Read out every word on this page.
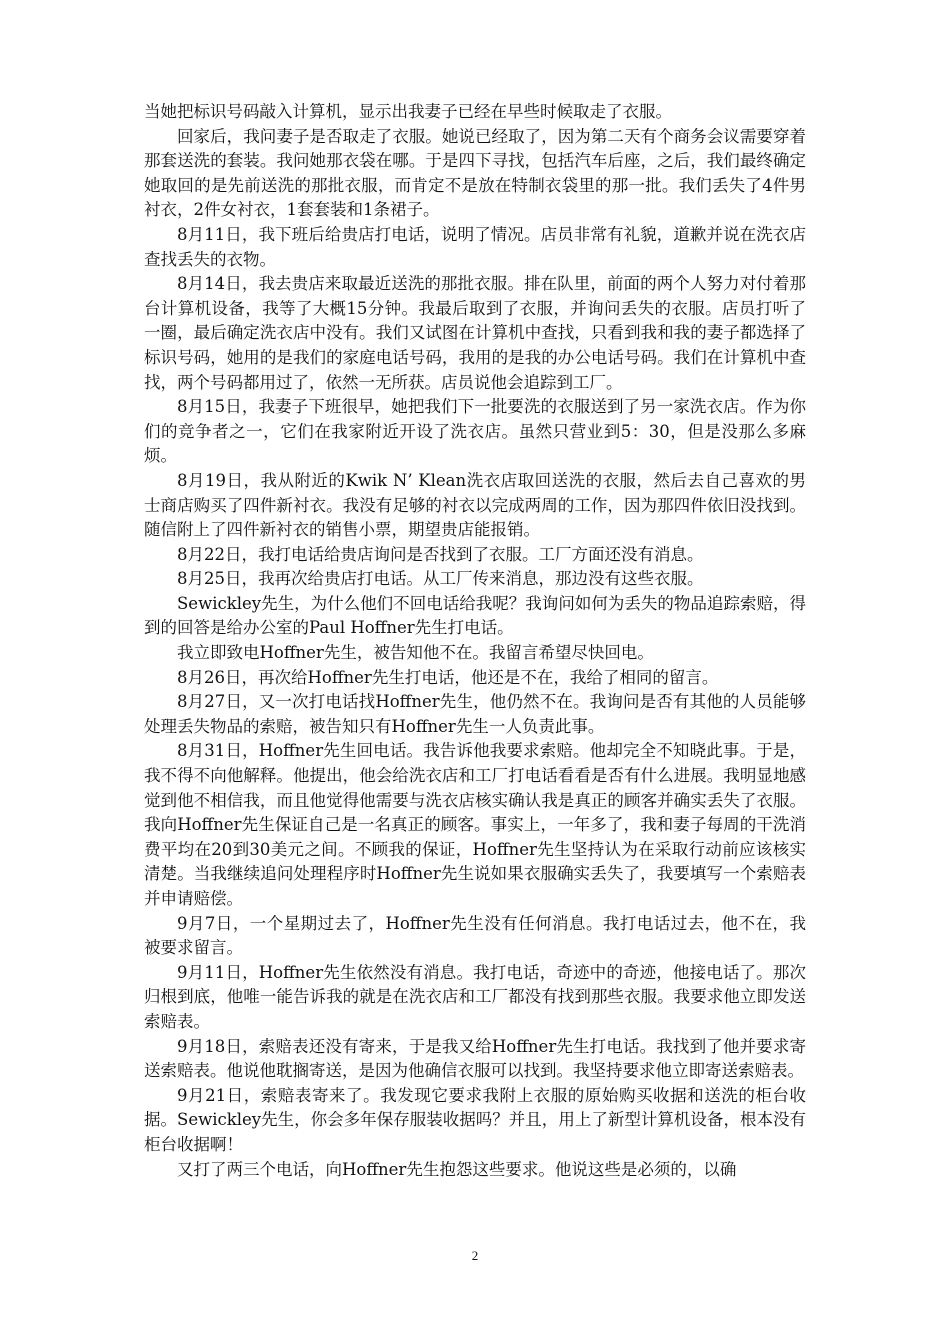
当她把标识号码敲入计算机，显示出我妻子已经在早些时候取走了衣服。

回家后，我问妻子是否取走了衣服。她说已经取了，因为第二天有个商务会议需要穿着那套送洗的套装。我问她那衣袋在哪。于是四下寻找，包括汽车后座，之后，我们最终确定她取回的是先前送洗的那批衣服，而肯定不是放在特制衣袋里的那一批。我们丢失了4件男衬衣，2件女衬衣，1套套装和1条裙子。

8月11日，我下班后给贵店打电话，说明了情况。店员非常有礼貌，道歉并说在洗衣店查找丢失的衣物。

8月14日，我去贵店来取最近送洗的那批衣服。排在队里，前面的两个人努力对付着那台计算机设备，我等了大概15分钟。我最后取到了衣服，并询问丢失的衣服。店员打听了一圈，最后确定洗衣店中没有。我们又试图在计算机中查找，只看到我和我的妻子都选择了标识号码，她用的是我们的家庭电话号码，我用的是我的办公电话号码。我们在计算机中查找，两个号码都用过了，依然一无所获。店员说他会追踪到工厂。

8月15日，我妻子下班很早，她把我们下一批要洗的衣服送到了另一家洗衣店。作为你们的竞争者之一，它们在我家附近开设了洗衣店。虽然只营业到5：30，但是没那么多麻烦。

8月19日，我从附近的Kwik N’ Klean洗衣店取回送洗的衣服，然后去自己喜欢的男士商店购买了四件新衬衣。我没有足够的衬衣以完成两周的工作，因为那四件依旧没找到。随信附上了四件新衬衣的销售小票，期望贵店能报销。

8月22日，我打电话给贵店询问是否找到了衣服。工厂方面还没有消息。

8月25日，我再次给贵店打电话。从工厂传来消息，那边没有这些衣服。

Sewickley先生，为什么他们不回电话给我呢？我询问如何为丢失的物品追踪索赔，得到的回答是给办公室的Paul Hoffner先生打电话。

我立即致电Hoffner先生，被告知他不在。我留言希望尽快回电。

8月26日，再次给Hoffner先生打电话，他还是不在，我给了相同的留言。

8月27日，又一次打电话找Hoffner先生，他仍然不在。我询问是否有其他的人员能够处理丢失物品的索赔，被告知只有Hoffner先生一人负责此事。

8月31日，Hoffner先生回电话。我告诉他我要求索赔。他却完全不知晓此事。于是，我不得不向他解释。他提出，他会给洗衣店和工厂打电话看看是否有什么进展。我明显地感觉到他不相信我，而且他觉得他需要与洗衣店核实确认我是真正的顾客并确实丢失了衣服。我向Hoffner先生保证自己是一名真正的顾客。事实上，一年多了，我和妻子每周的干洗消费平均在20到30美元之间。不顾我的保证，Hoffner先生坚持认为在采取行动前应该核实清楚。当我继续追问处理程序时Hoffner先生说如果衣服确实丢失了，我要填写一个索赔表并申请赔偿。

9月7日，一个星期过去了，Hoffner先生没有任何消息。我打电话过去，他不在，我被要求留言。

9月11日，Hoffner先生依然没有消息。我打电话，奇迹中的奇迹，他接电话了。那次归根到底，他唯一能告诉我的就是在洗衣店和工厂都没有找到那些衣服。我要求他立即发送索赔表。

9月18日，索赔表还没有寄来，于是我又给Hoffner先生打电话。我找到了他并要求寄送索赔表。他说他耽搁寄送，是因为他确信衣服可以找到。我坚持要求他立即寄送索赔表。

9月21日，索赔表寄来了。我发现它要求我附上衣服的原始购买收据和送洗的柜台收据。Sewickley先生，你会多年保存服装收据吗？并且，用上了新型计算机设备，根本没有柜台收据啊！

又打了两三个电话，向Hoffner先生抱怨这些要求。他说这些是必须的，以确

2
